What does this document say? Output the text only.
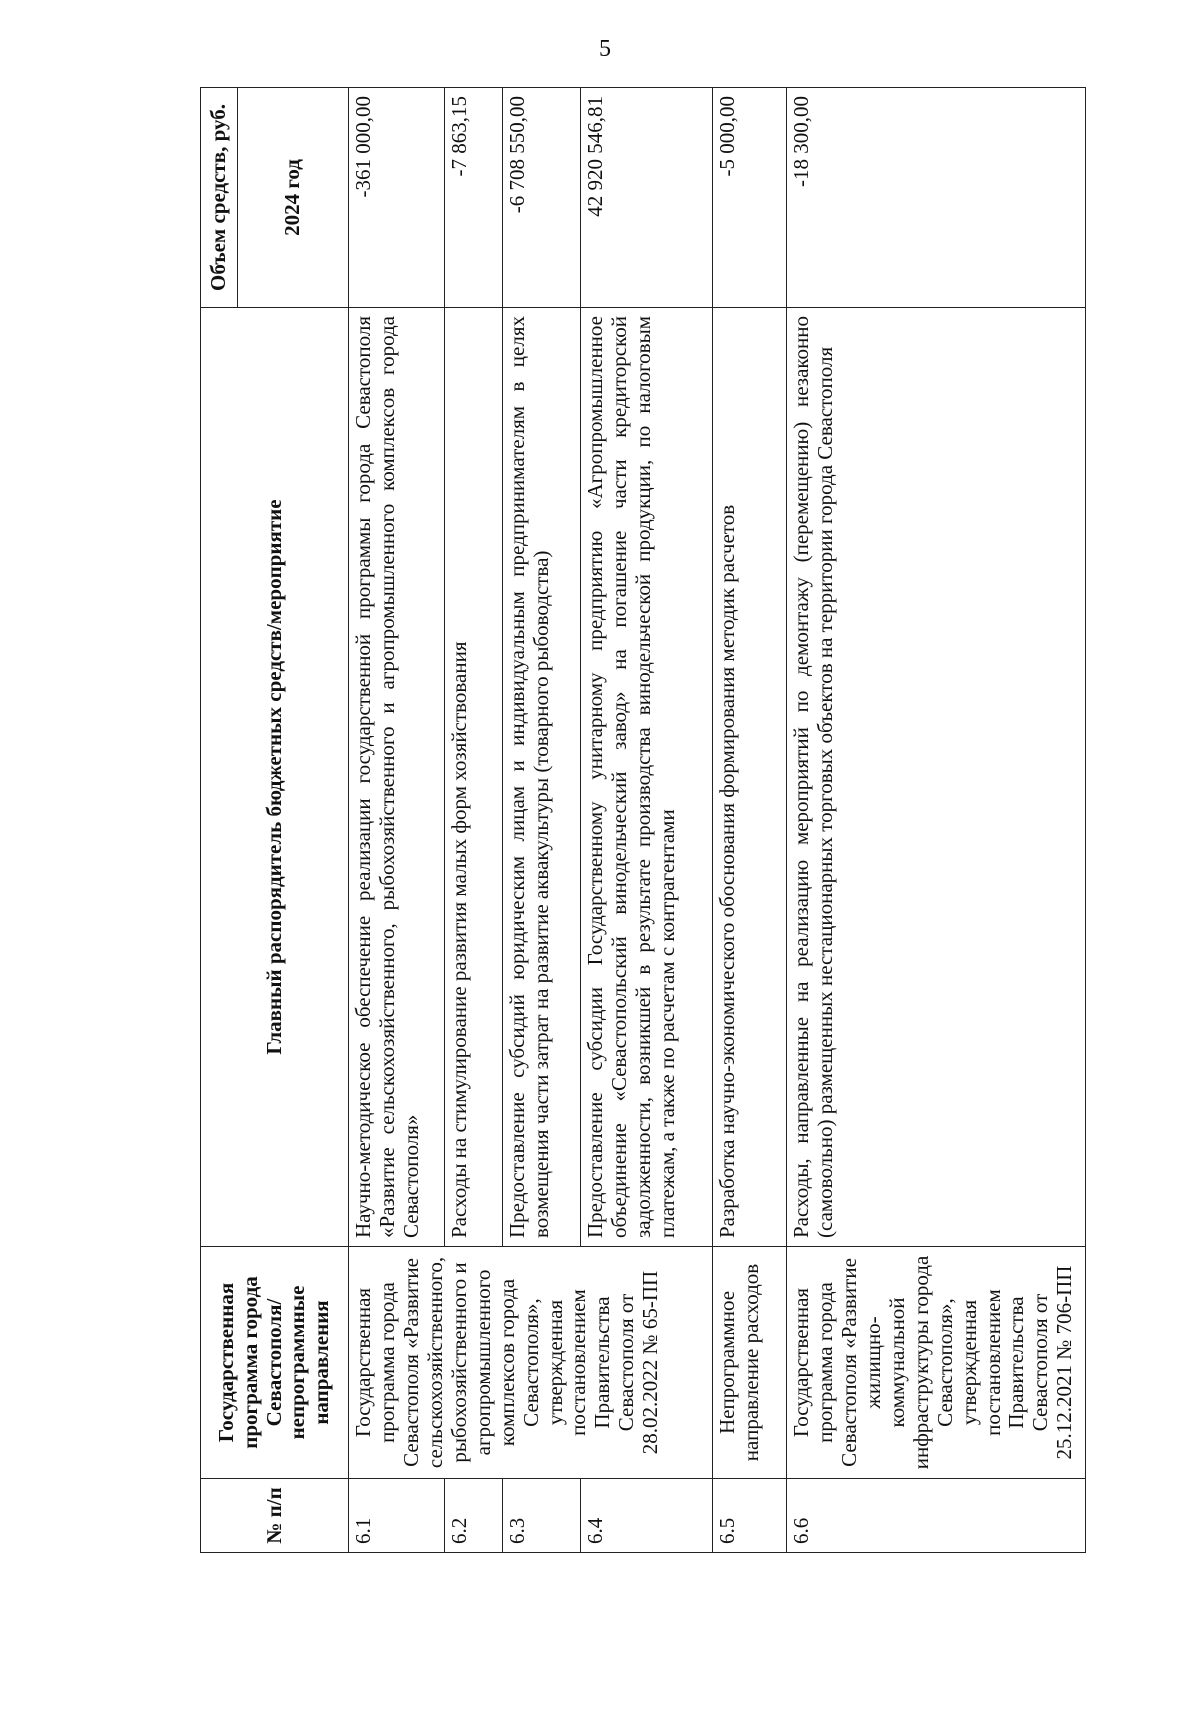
5
№ п/п	Государственная программа города Севастополя/ непрограммные направления	Главный распорядитель бюджетных средств/мероприятие	Объем средств, руб. 2024 год

6.1	Государственная программа города Севастополя «Развитие сельскохозяйственного, рыбохозяйственного и агропромышленного комплексов города Севастополя», утвержденная постановлением Правительства Севастополя от 28.02.2022 № 65-ПП	Научно-методическое обеспечение реализации государственной программы города Севастополя «Развитие сельскохозяйственного, рыбохозяйственного и агропромышленного комплексов города Севастополя»	-361 000,00
6.2		Расходы на стимулирование развития малых форм хозяйствования	-7 863,15
6.3		Предоставление субсидий юридическим лицам и индивидуальным предпринимателям в целях возмещения части затрат на развитие аквакультуры (товарного рыбоводства)	-6 708 550,00
6.4		Предоставление субсидии Государственному унитарному предприятию «Агропромышленное объединение «Севастопольский винодельческий завод» на погашение части кредиторской задолженности, возникшей в результате производства винодельческой продукции, по налоговым платежам, а также по расчетам с контрагентами	42 920 546,81
6.5	Непрограммное направление расходов	Разработка научно-экономического обоснования формирования методик расчетов	-5 000,00
6.6	Государственная программа города Севастополя «Развитие жилищно-коммунальной инфраструктуры города Севастополя», утвержденная постановлением Правительства Севастополя от 25.12.2021 № 706-ПП	Расходы, направленные на реализацию мероприятий по демонтажу (перемещению) незаконно (самовольно) размещенных нестационарных торговых объектов на территории города Севастополя	-18 300,00
